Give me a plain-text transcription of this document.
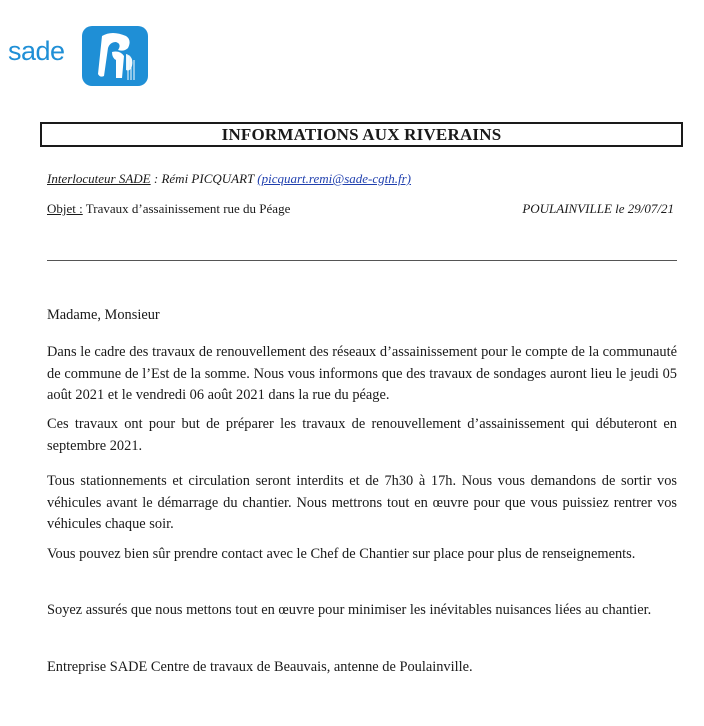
sade
INFORMATIONS AUX RIVERAINS
Interlocuteur SADE : Rémi PICQUART (picquart.remi@sade-cgth.fr)
Objet : Travaux d’assainissement rue du Péage	POULAINVILLE le 29/07/21
Madame, Monsieur
Dans le cadre des travaux de renouvellement des réseaux d’assainissement pour le compte de la communauté de commune de l’Est de la somme. Nous vous informons que des travaux de sondages auront lieu le jeudi 05 août 2021 et le vendredi 06 août 2021 dans la rue du péage.
Ces travaux ont pour but de préparer les travaux de renouvellement d’assainissement qui débuteront en septembre 2021.
Tous stationnements et circulation seront interdits et de 7h30 à 17h. Nous vous demandons de sortir vos véhicules avant le démarrage du chantier. Nous mettrons tout en œuvre pour que vous puissiez rentrer vos véhicules chaque soir.
Vous pouvez bien sûr prendre contact avec le Chef de Chantier sur place pour plus de renseignements.
Soyez assurés que nous mettons tout en œuvre pour minimiser les inévitables nuisances liées au chantier.
Entreprise SADE Centre de travaux de Beauvais, antenne de Poulainville.
